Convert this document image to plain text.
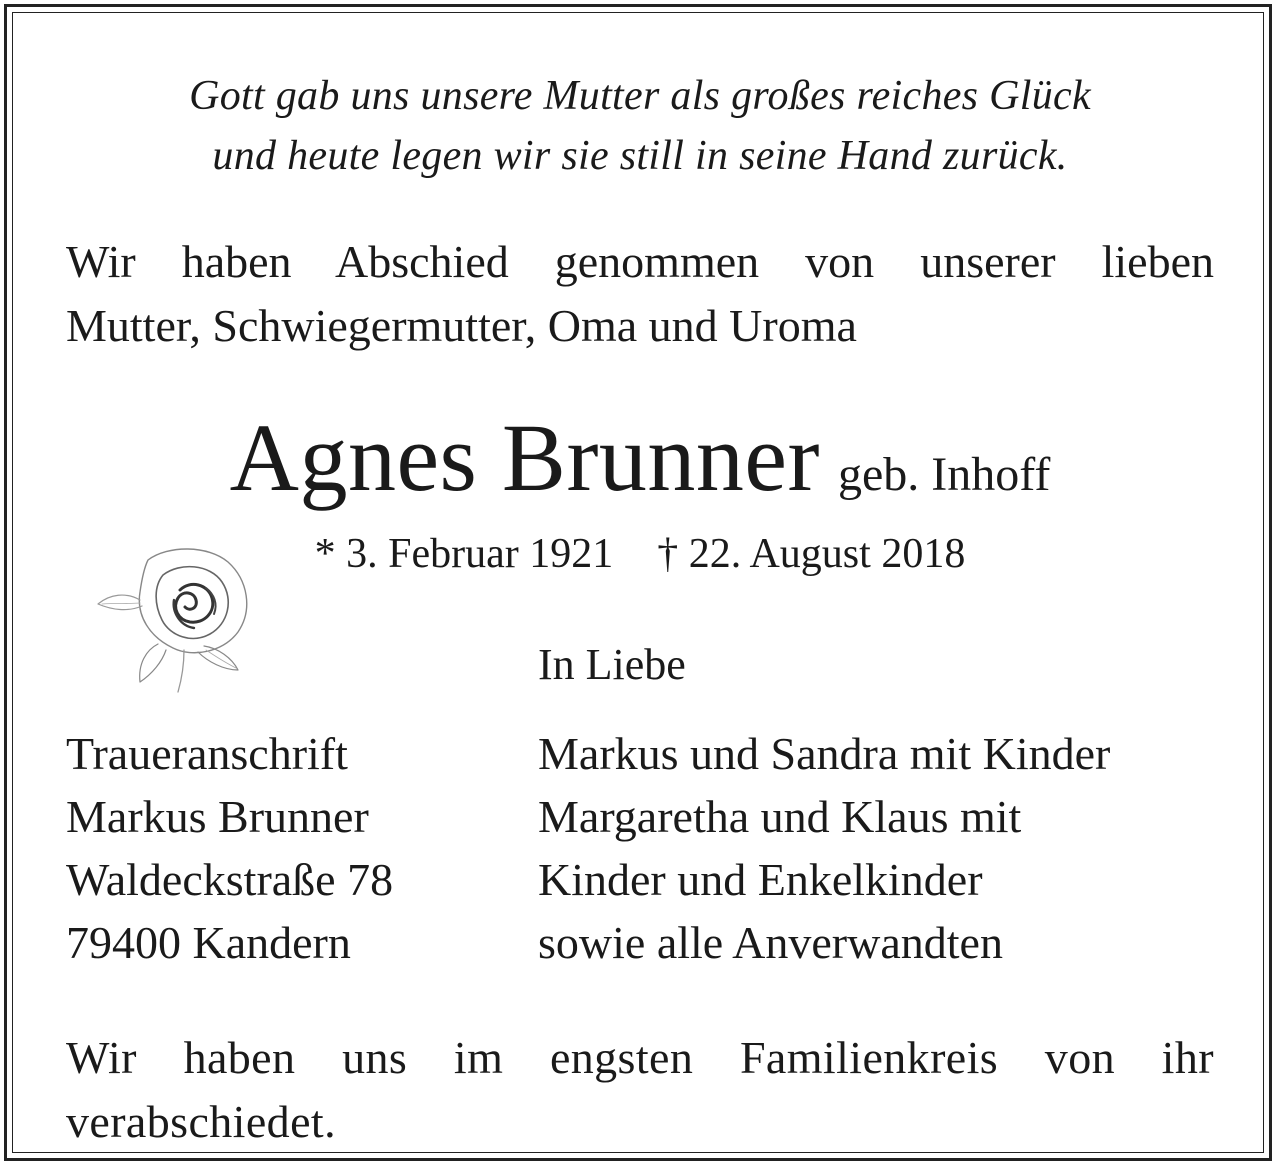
Gott gab uns unsere Mutter als großes reiches Glück
und heute legen wir sie still in seine Hand zurück.
Wir haben Abschied genommen von unserer lieben
Mutter, Schwiegermutter, Oma und Uroma
Agnes Brunner geb. Inhoff
* 3. Februar 1921 † 22. August 2018
In Liebe
Traueranschrift
Markus Brunner
Waldeckstraße 78
79400 Kandern
Markus und Sandra mit Kinder
Margaretha und Klaus mit
Kinder und Enkelkinder
sowie alle Anverwandten
Wir haben uns im engsten Familienkreis von ihr
verabschiedet.
